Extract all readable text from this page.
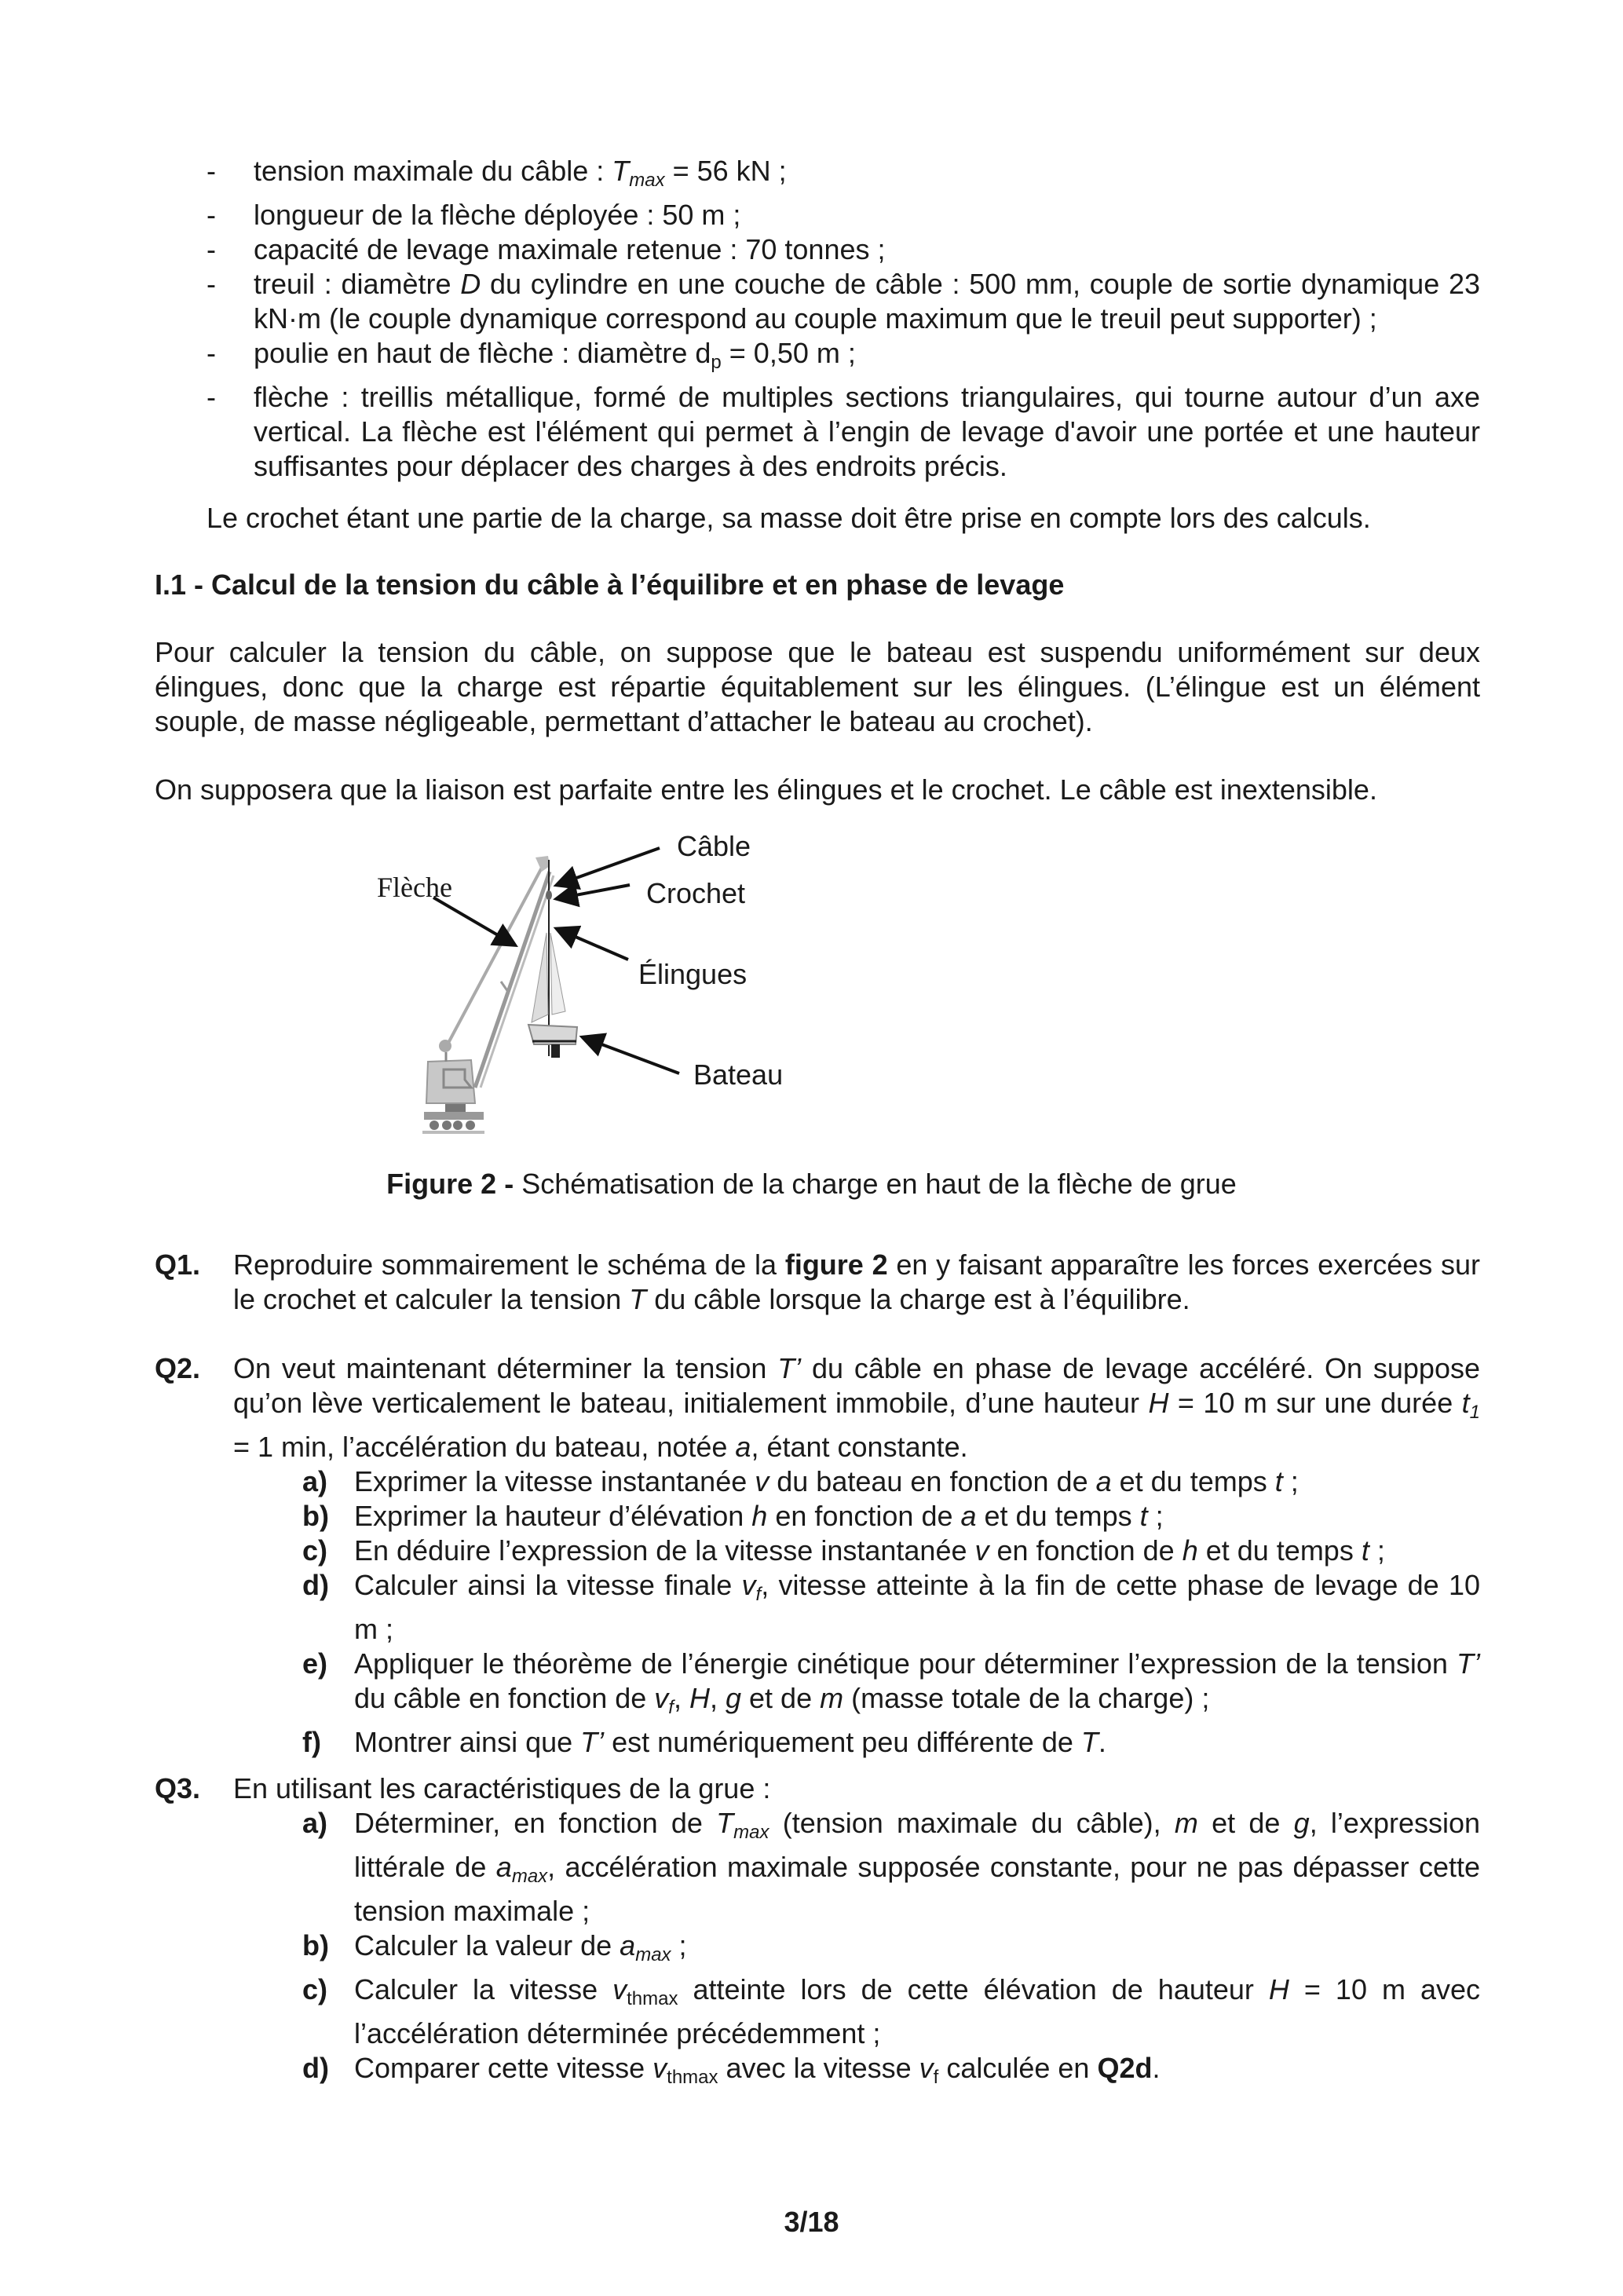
-	tension maximale du câble : Tmax = 56 kN ;
-	longueur de la flèche déployée : 50 m ;
-	capacité de levage maximale retenue : 70 tonnes ;
-	treuil : diamètre D du cylindre en une couche de câble : 500 mm, couple de sortie dynamique 23 kN·m (le couple dynamique correspond au couple maximum que le treuil peut supporter) ;
-	poulie en haut de flèche : diamètre $d_p = 0,50$ m ;
-	flèche : treillis métallique, formé de multiples sections triangulaires, qui tourne autour d’un axe vertical. La flèche est l'élément qui permet à l’engin de levage d'avoir une portée et une hauteur suffisantes pour déplacer des charges à des endroits précis.
Le crochet étant une partie de la charge, sa masse doit être prise en compte lors des calculs.
I.1 - Calcul de la tension du câble à l’équilibre et en phase de levage
Pour calculer la tension du câble, on suppose que le bateau est suspendu uniformément sur deux élingues, donc que la charge est répartie équitablement sur les élingues. (L’élingue est un élément souple, de masse négligeable, permettant d’attacher le bateau au crochet).
On supposera que la liaison est parfaite entre les élingues et le crochet. Le câble est inextensible.
Flèche
Câble
Crochet
Élingues
Bateau
Figure 2 - Schématisation de la charge en haut de la flèche de grue
Q1.	Reproduire sommairement le schéma de la figure 2 en y faisant apparaître les forces exercées sur le crochet et calculer la tension T du câble lorsque la charge est à l’équilibre.
Q2.	On veut maintenant déterminer la tension T’ du câble en phase de levage accéléré. On suppose qu’on lève verticalement le bateau, initialement immobile, d’une hauteur H = 10 m sur une durée t1 = 1 min, l’accélération du bateau, notée a, étant constante.
a) Exprimer la vitesse instantanée v du bateau en fonction de a et du temps t ;
b) Exprimer la hauteur d’élévation h en fonction de a et du temps t ;
c) En déduire l’expression de la vitesse instantanée v en fonction de h et du temps t ;
d) Calculer ainsi la vitesse finale vf, vitesse atteinte à la fin de cette phase de levage de 10 m ;
e) Appliquer le théorème de l’énergie cinétique pour déterminer l’expression de la tension T’ du câble en fonction de vf, H, g et de m (masse totale de la charge) ;
f)	Montrer ainsi que T’ est numériquement peu différente de T.
Q3.	En utilisant les caractéristiques de la grue :
a) Déterminer, en fonction de Tmax (tension maximale du câble), m et de g, l’expression littérale de amax, accélération maximale supposée constante, pour ne pas dépasser cette tension maximale ;
b) Calculer la valeur de amax ;
c) Calculer la vitesse $v_{thmax}$ atteinte lors de cette élévation de hauteur H = 10 m avec l’accélération déterminée précédemment ;
d) Comparer cette vitesse $v_{thmax}$ avec la vitesse $v_f$ calculée en Q2d.
3/18
